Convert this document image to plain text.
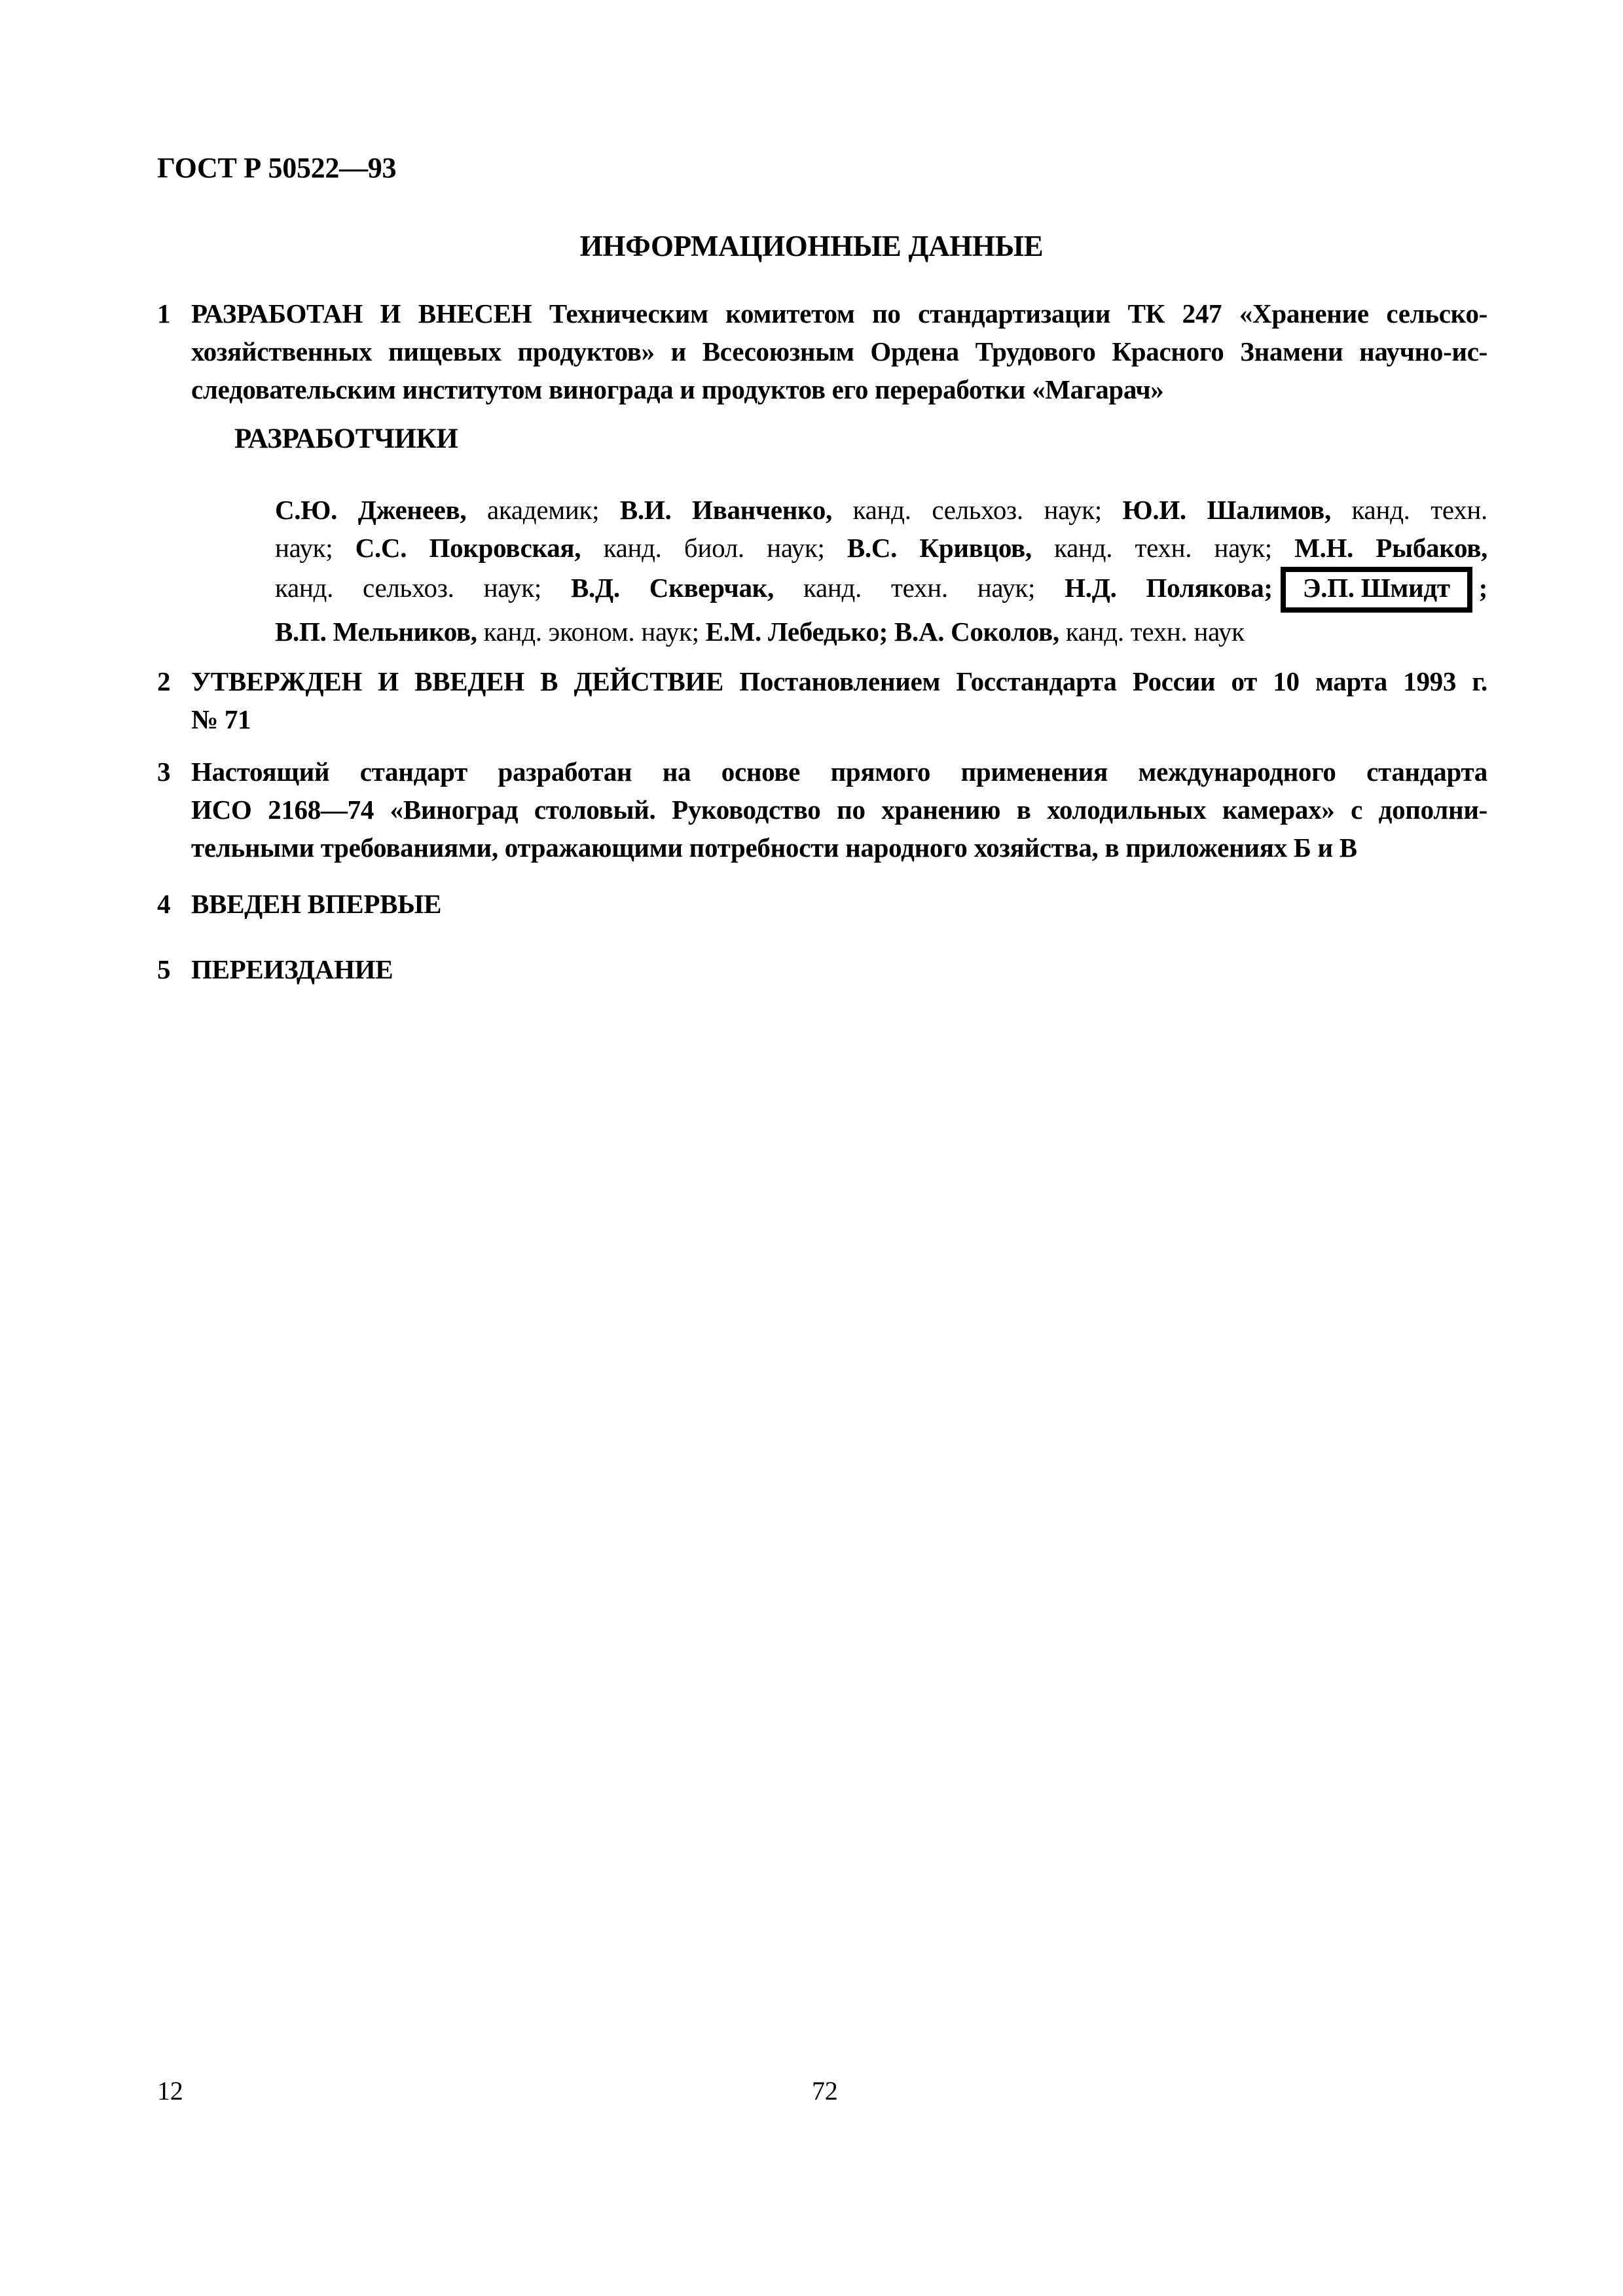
ГОСТ Р 50522—93
ИНФОРМАЦИОННЫЕ ДАННЫЕ
1 РАЗРАБОТАН И ВНЕСЕН Техническим комитетом по стандартизации ТК 247 «Хранение сельско-
хозяйственных пищевых продуктов» и Всесоюзным Ордена Трудового Красного Знамени научно-ис-
следовательским институтом винограда и продуктов его переработки «Магарач»
РАЗРАБОТЧИКИ
С.Ю. Дженеев, академик; В.И. Иванченко, канд. сельхоз. наук; Ю.И. Шалимов, канд. техн.
наук; С.С. Покровская, канд. биол. наук; В.С. Кривцов, канд. техн. наук; М.Н. Рыбаков,
канд. сельхоз. наук; В.Д. Скверчак, канд. техн. наук; Н.Д. Полякова; Э.П. Шмидт ;
В.П. Мельников, канд. эконом. наук; Е.М. Лебедько; В.А. Соколов, канд. техн. наук
2 УТВЕРЖДЕН И ВВЕДЕН В ДЕЙСТВИЕ Постановлением Госстандарта России от 10 марта 1993 г.
№ 71
3 Настоящий стандарт разработан на основе прямого применения международного стандарта
ИСО 2168—74 «Виноград столовый. Руководство по хранению в холодильных камерах» с дополни-
тельными требованиями, отражающими потребности народного хозяйства, в приложениях Б и В
4 ВВЕДЕН ВПЕРВЫЕ
5 ПЕРЕИЗДАНИЕ
12	72
